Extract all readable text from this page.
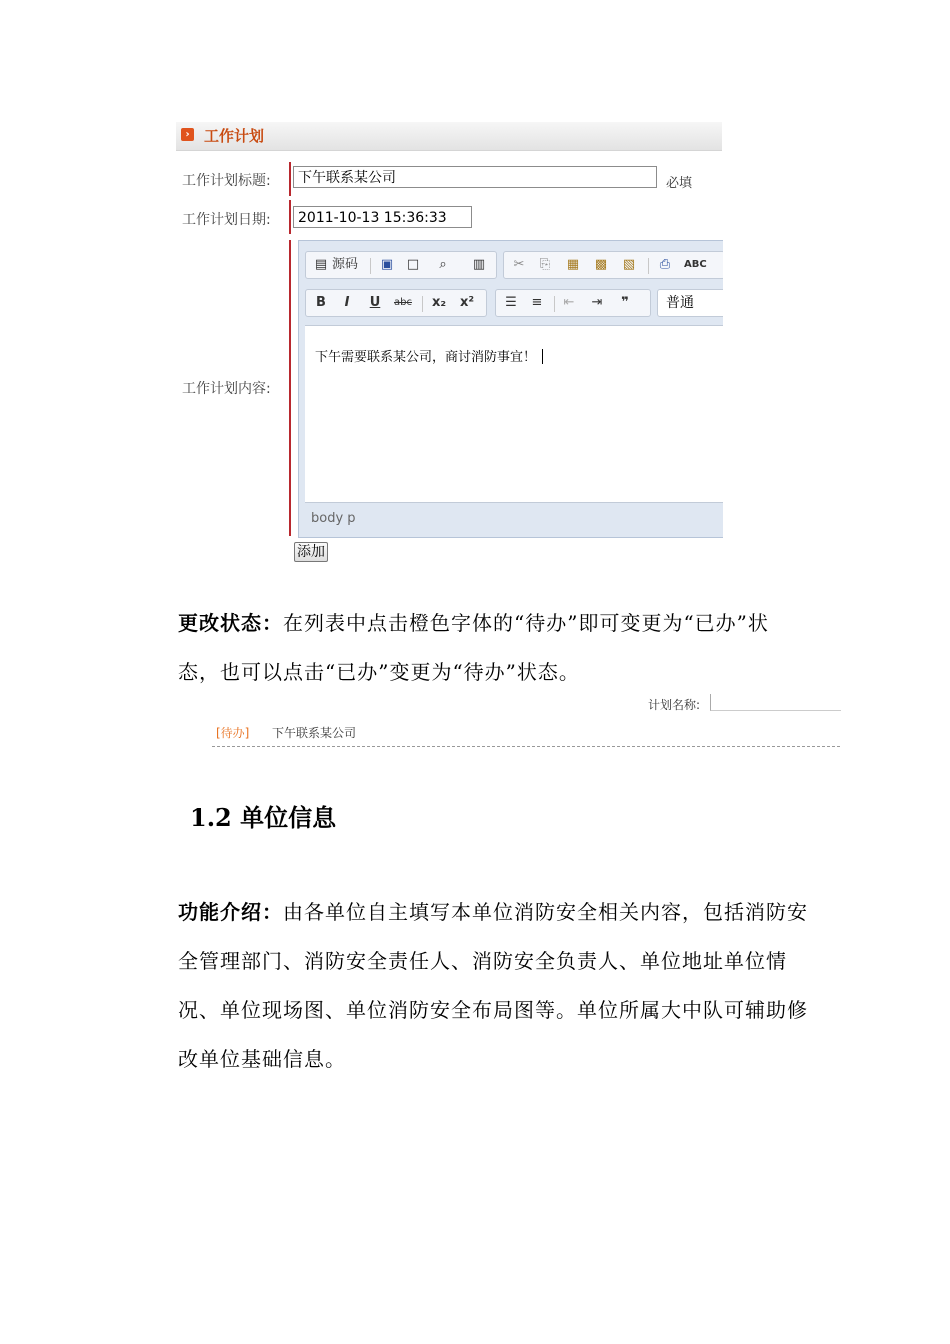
› 工作计划
工作计划标题:	下午联系某公司	必填
工作计划日期:	2011-10-13 15:36:33
工作计划内容:
▤ 源码 ▣ □	⌕	▥ ✂ ⎘ ▦ ▩ ▧ ⎙	ABC
B	I	U	abc x₂ x² ☰ ≡ ⇤ ⇥	❞	普通
下午需要联系某公司，商讨消防事宜！
body p
添加
更改状态：在列表中点击橙色字体的“待办”即可变更为“已办”状态，也可以点击“已办”变更为“待办”状态。
计划名称:
[待办] 下午联系某公司
1.2 单位信息
功能介绍：由各单位自主填写本单位消防安全相关内容，包括消防安全管理部门、消防安全责任人、消防安全负责人、单位地址单位情况、单位现场图、单位消防安全布局图等。单位所属大中队可辅助修改单位基础信息。
